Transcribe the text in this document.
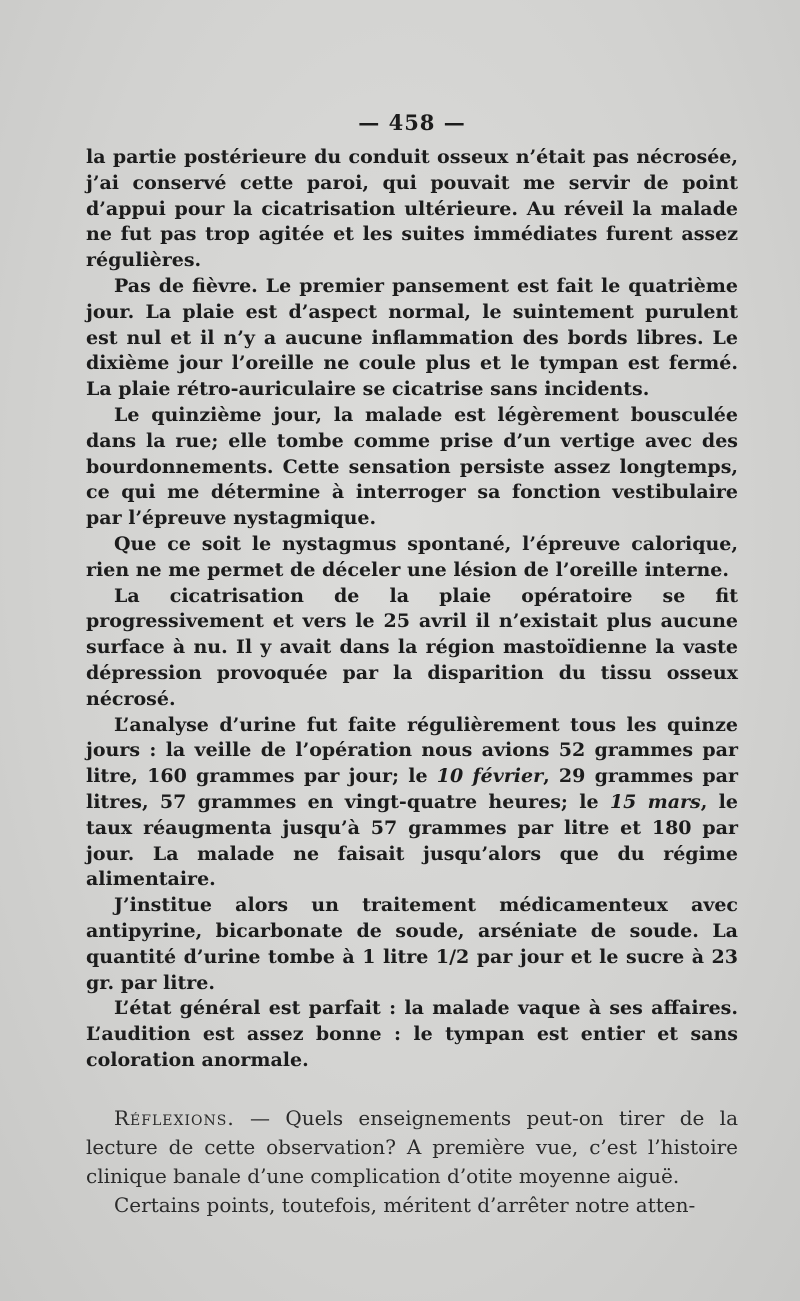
— 458 —

la partie postérieure du conduit osseux n’était pas nécrosée, j’ai conservé cette paroi, qui pouvait me servir de point d’appui pour la cicatrisation ultérieure. Au réveil la malade ne fut pas trop agitée et les suites immédiates furent assez régulières.

Pas de fièvre. Le premier pansement est fait le quatrième jour. La plaie est d’aspect normal, le suintement purulent est nul et il n’y a aucune inflammation des bords libres. Le dixième jour l’oreille ne coule plus et le tympan est fermé. La plaie rétro-auriculaire se cicatrise sans incidents.

Le quinzième jour, la malade est légèrement bousculée dans la rue; elle tombe comme prise d’un vertige avec des bourdonnements. Cette sensation persiste assez longtemps, ce qui me détermine à interroger sa fonction vestibulaire par l’épreuve nystagmique.

Que ce soit le nystagmus spontané, l’épreuve calorique, rien ne me permet de déceler une lésion de l’oreille interne.

La cicatrisation de la plaie opératoire se fit progressivement et vers le 25 avril il n’existait plus aucune surface à nu. Il y avait dans la région mastoïdienne la vaste dépression provoquée par la disparition du tissu osseux nécrosé.

L’analyse d’urine fut faite régulièrement tous les quinze jours : la veille de l’opération nous avions 52 grammes par litre, 160 grammes par jour; le 10 février, 29 grammes par litres, 57 grammes en vingt-quatre heures; le 15 mars, le taux réaugmenta jusqu’à 57 grammes par litre et 180 par jour. La malade ne faisait jusqu’alors que du régime alimentaire.

J’institue alors un traitement médicamenteux avec antipyrine, bicarbonate de soude, arséniate de soude. La quantité d’urine tombe à 1 litre 1/2 par jour et le sucre à 23 gr. par litre.

L’état général est parfait : la malade vaque à ses affaires. L’audition est assez bonne : le tympan est entier et sans coloration anormale.

Réflexions. — Quels enseignements peut-on tirer de la lecture de cette observation? A première vue, c’est l’histoire clinique banale d’une complication d’otite moyenne aiguë.

Certains points, toutefois, méritent d’arrêter notre atten-
